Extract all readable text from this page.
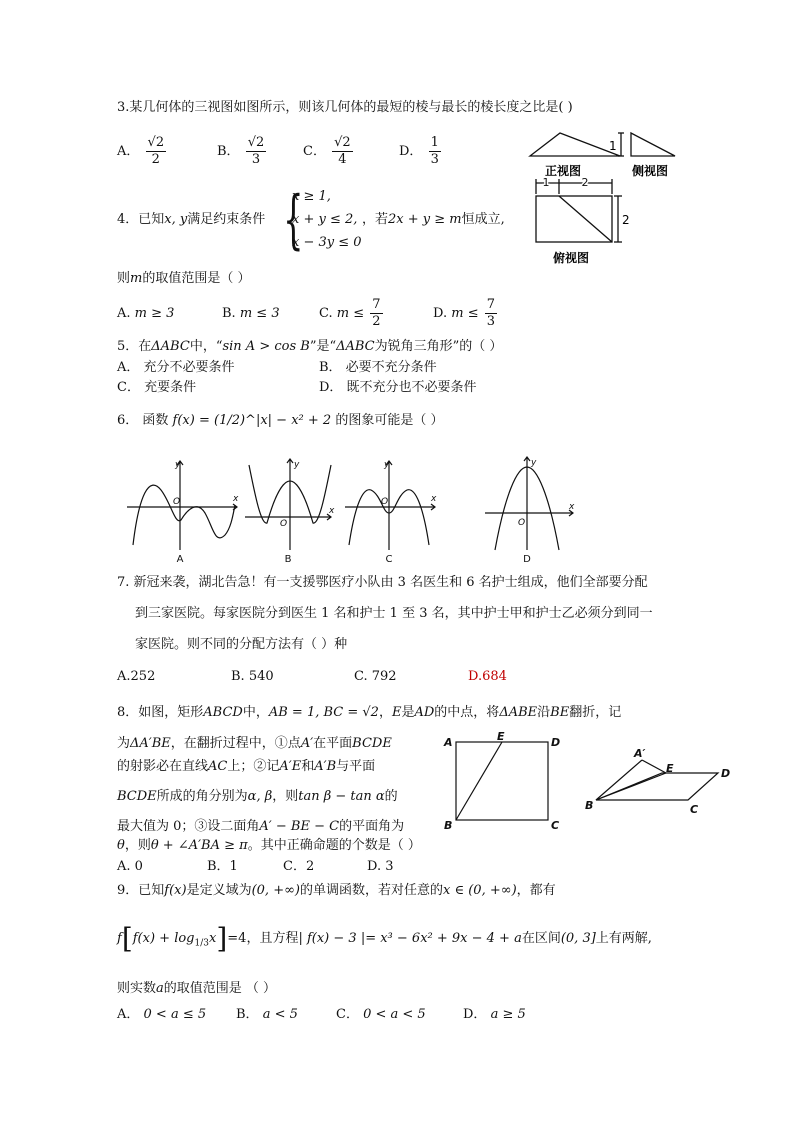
3.某几何体的三视图如图所示，则该几何体的最短的棱与最长的棱长度之比是( )
A． $\frac{√2}{2}$	B． $\frac{√2}{3}$	C． $\frac{√2}{4}$	D． $\frac{1}{3}$	1
1	2
2
正视图	侧视图
俯视图
4．已知x, y满足约束条件 {
x ≥ 1,
x + y ≤ 2,
x − 3y ≤ 0
，若2x + y ≥ m恒成立,
则m的取值范围是（ ）
A. m ≥ 3	B. m ≤ 3	C. $m \le \frac{7}{2}$	D. $m \le \frac{7}{3}$
5．在ΔABC中，“sin A > cos B”是“ΔABC为锐角三角形”的（ ）
A． 充分不必要条件	B． 必要不充分条件
C． 充要条件	D． 既不充分也不必要条件
6． 函数 f(x) = (1/2)^|x| − x² + 2 的图象可能是（ ）
y
x
O
y
x
O
y
x
O
y
x
O
A	B	C	D
7. 新冠来袭，湖北告急！有一支援鄂医疗小队由 3 名医生和 6 名护士组成，他们全部要分配
到三家医院。每家医院分到医生 1 名和护士 1 至 3 名，其中护士甲和护士乙必须分到同一
家医院。则不同的分配方法有（ ）种
A.252	B. 540	C. 792	D.684
8．如图，矩形ABCD中，AB = 1, BC = √2，E是AD的中点，将ΔABE沿BE翻折，记
为ΔA′BE，在翻折过程中，①点A′在平面BCDE
的射影必在直线AC上；②记A′E和A′B与平面
BCDE所成的角分别为α, β，则tan β − tan α的
最大值为 0；③设二面角A′ − BE − C的平面角为
θ，则θ + ∠A′BA ≥ π。其中正确命题的个数是（ ）
A. 0	B．1	C．2	D. 3
A	E	D
B	C
A′
E	D
B	C
9．已知f(x)是定义域为(0, +∞)的单调函数，若对任意的x ∈ (0, +∞)，都有
$f[f(x) + \log_{1/3}x]=4$，且方程| f(x) − 3 |= x³ − 6x² + 9x − 4 + a在区间(0, 3]上有两解,
则实数a的取值范围是 （ ）
A． 0 < a ≤ 5 B． a < 5	C． 0 < a < 5	D． a ≥ 5
